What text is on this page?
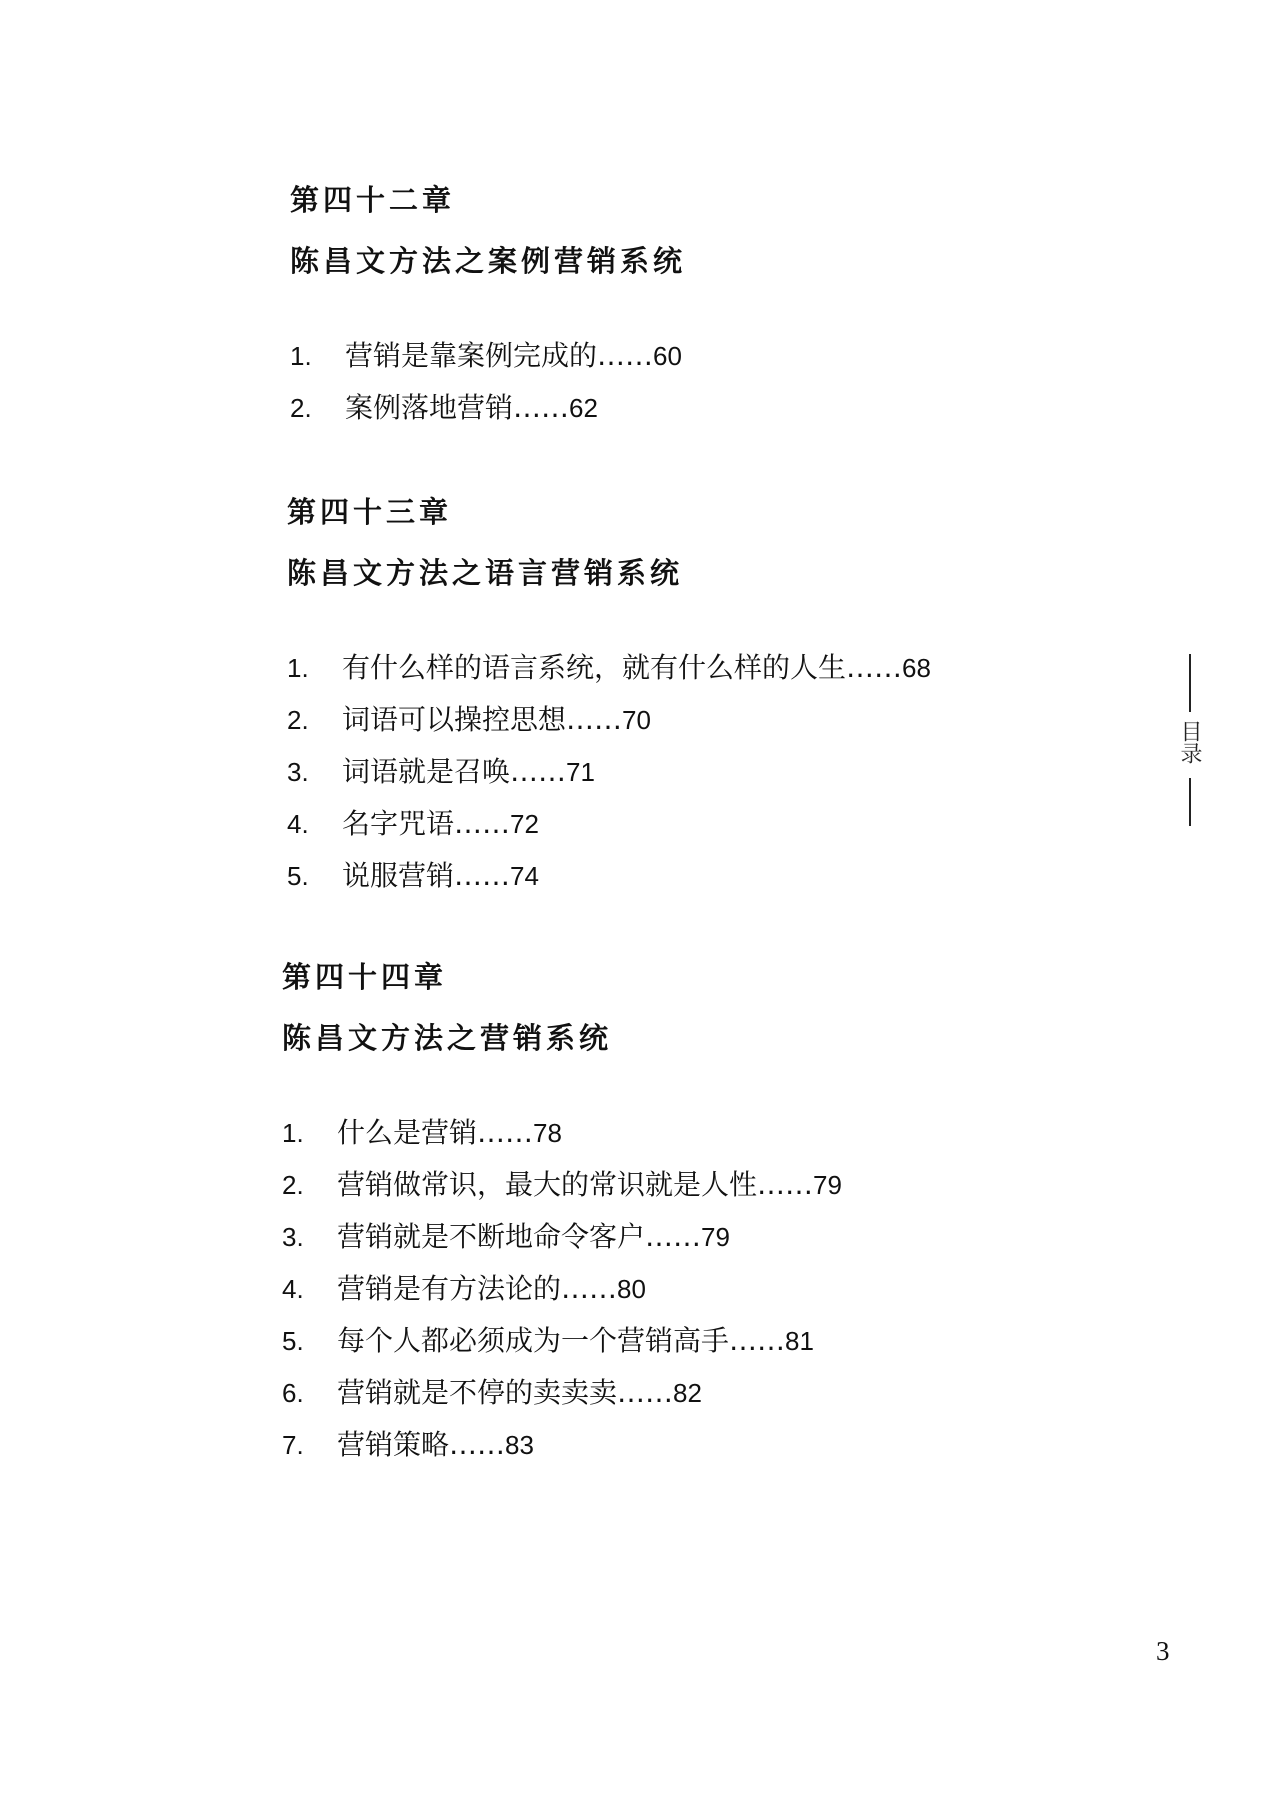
第四十二章
陈昌文方法之案例营销系统
1.	营销是靠案例完成的 …… 60
2.	案例落地营销 …… 62
第四十三章
陈昌文方法之语言营销系统
1.	有什么样的语言系统，就有什么样的人生 …… 68
2.	词语可以操控思想 …… 70
3.	词语就是召唤 …… 71
4.	名字咒语 …… 72
5.	说服营销 …… 74
第四十四章
陈昌文方法之营销系统
1.	什么是营销 …… 78
2.	营销做常识，最大的常识就是人性 …… 79
3.	营销就是不断地命令客户 …… 79
4.	营销是有方法论的 …… 80
5.	每个人都必须成为一个营销高手 …… 81
6.	营销就是不停的卖卖卖 …… 82
7.	营销策略 …… 83
目录
3
